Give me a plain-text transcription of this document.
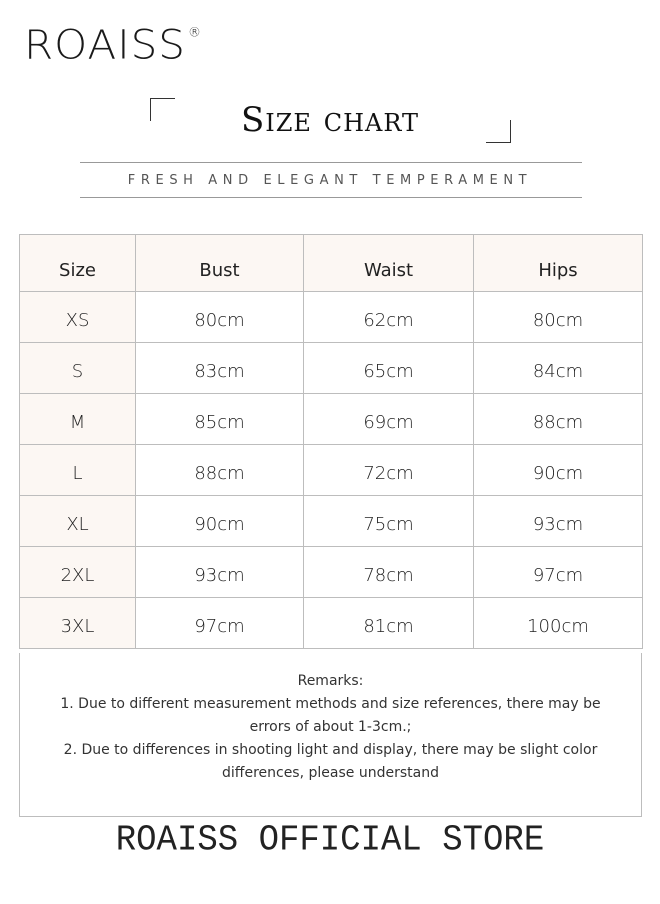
ROAISS ®
Size chart
FRESH AND ELEGANT TEMPERAMENT
Size	Bust	Waist	Hips
XS	80cm	62cm	80cm
S	83cm	65cm	84cm
M	85cm	69cm	88cm
L	88cm	72cm	90cm
XL	90cm	75cm	93cm
2XL	93cm	78cm	97cm
3XL	97cm	81cm	100cm

Remarks:

1. Due to different measurement methods and size references, there may be errors of about 1-3cm.;

2. Due to differences in shooting light and display, there may be slight color differences, please understand

ROAISS OFFICIAL STORE
